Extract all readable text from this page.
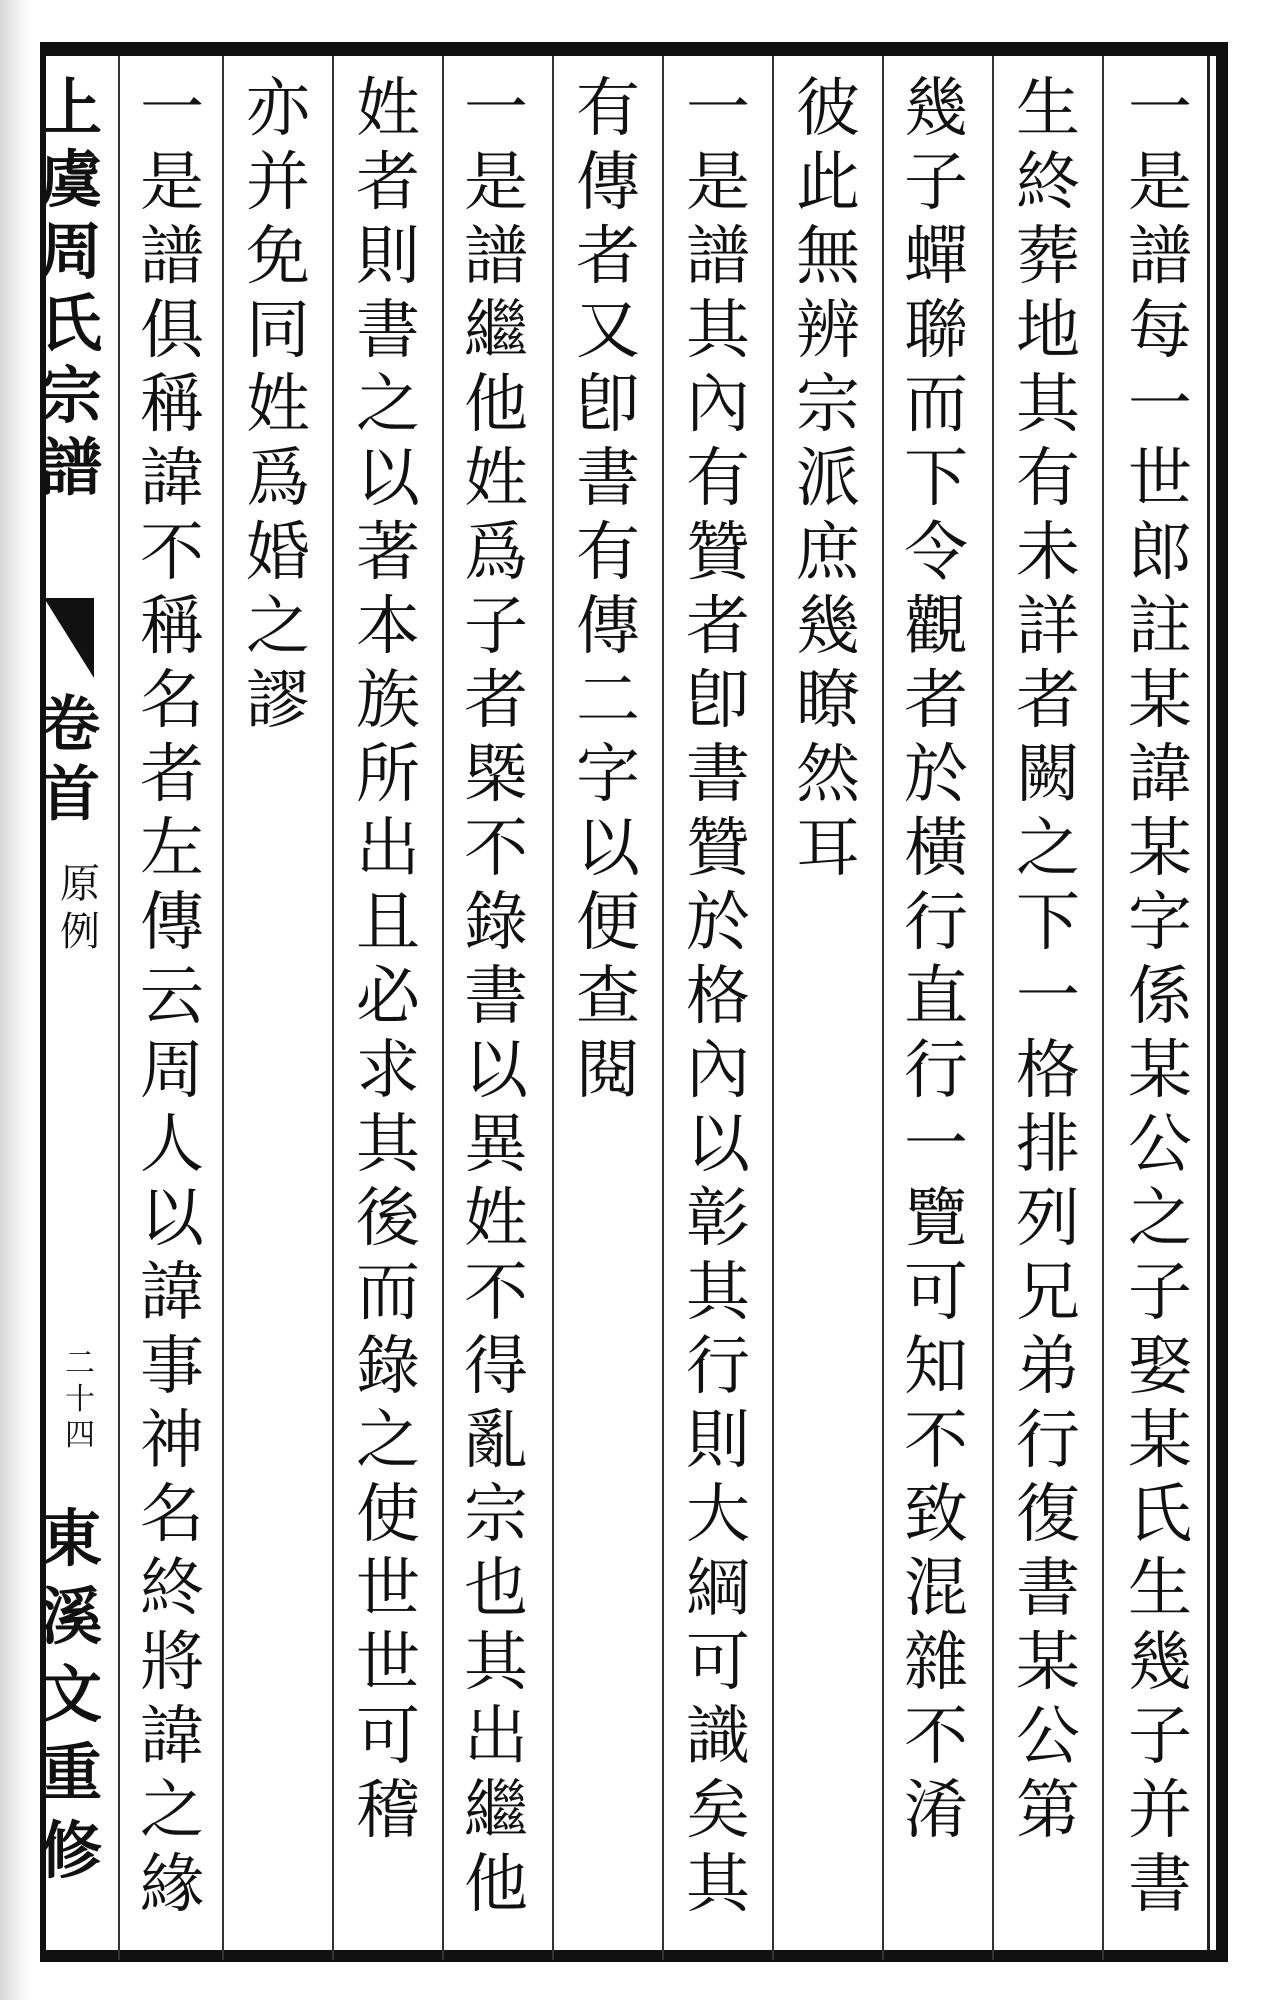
上
虞
周
氏
宗
譜
卷
首
原
例
二
十
四
東
溪
文
重
修
一
是
譜
每
一
世
郎
註
某
諱
某
字
係
某
公
之
子
娶
某
氏
生
幾
子
并
書
生
終
葬
地
其
有
未
詳
者
闕
之
下
一
格
排
列
兄
弟
行
復
書
某
公
第
幾
子
蟬
聯
而
下
令
觀
者
於
橫
行
直
行
一
覽
可
知
不
致
混
雜
不
淆
彼
此
無
辨
宗
派
庶
幾
瞭
然
耳
一
是
譜
其
內
有
贊
者
卽
書
贊
於
格
內
以
彰
其
行
則
大
綱
可
識
矣
其
有
傳
者
又
卽
書
有
傳
二
字
以
便
查
閱
一
是
譜
繼
他
姓
爲
子
者
槩
不
錄
書
以
異
姓
不
得
亂
宗
也
其
出
繼
他
姓
者
則
書
之
以
著
本
族
所
出
且
必
求
其
後
而
錄
之
使
世
世
可
稽
亦
并
免
同
姓
爲
婚
之
謬
一
是
譜
俱
稱
諱
不
稱
名
者
左
傳
云
周
人
以
諱
事
神
名
終
將
諱
之
緣
